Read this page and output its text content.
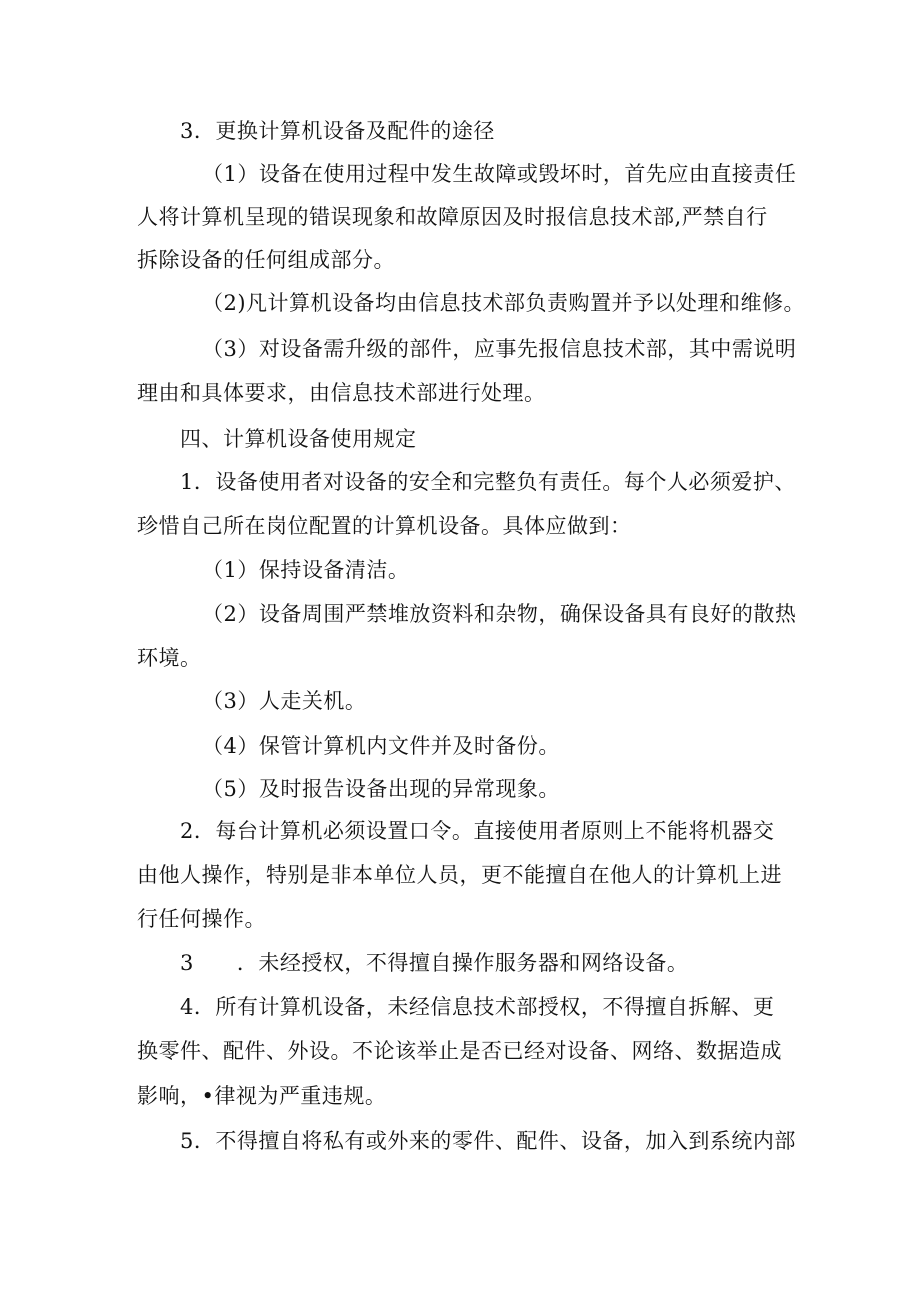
3．更换计算机设备及配件的途径
（1）设备在使用过程中发生故障或毁坏时，首先应由直接责任
人将计算机呈现的错误现象和故障原因及时报信息技术部,严禁自行
拆除设备的任何组成部分。
（2)凡计算机设备均由信息技术部负责购置并予以处理和维修。
（3）对设备需升级的部件，应事先报信息技术部，其中需说明
理由和具体要求，由信息技术部进行处理。
四、计算机设备使用规定
1．设备使用者对设备的安全和完整负有责任。每个人必须爱护、
珍惜自己所在岗位配置的计算机设备。具体应做到：
（1）保持设备清洁。
（2）设备周围严禁堆放资料和杂物，确保设备具有良好的散热
环境。
（3）人走关机。
（4）保管计算机内文件并及时备份。
（5）及时报告设备出现的异常现象。
2．每台计算机必须设置口令。直接使用者原则上不能将机器交
由他人操作，特别是非本单位人员，更不能擅自在他人的计算机上进
行任何操作。
3　　．未经授权，不得擅自操作服务器和网络设备。
4．所有计算机设备，未经信息技术部授权，不得擅自拆解、更
换零件、配件、外设。不论该举止是否已经对设备、网络、数据造成
影响，•律视为严重违规。
5．不得擅自将私有或外来的零件、配件、设备，加入到系统内部
